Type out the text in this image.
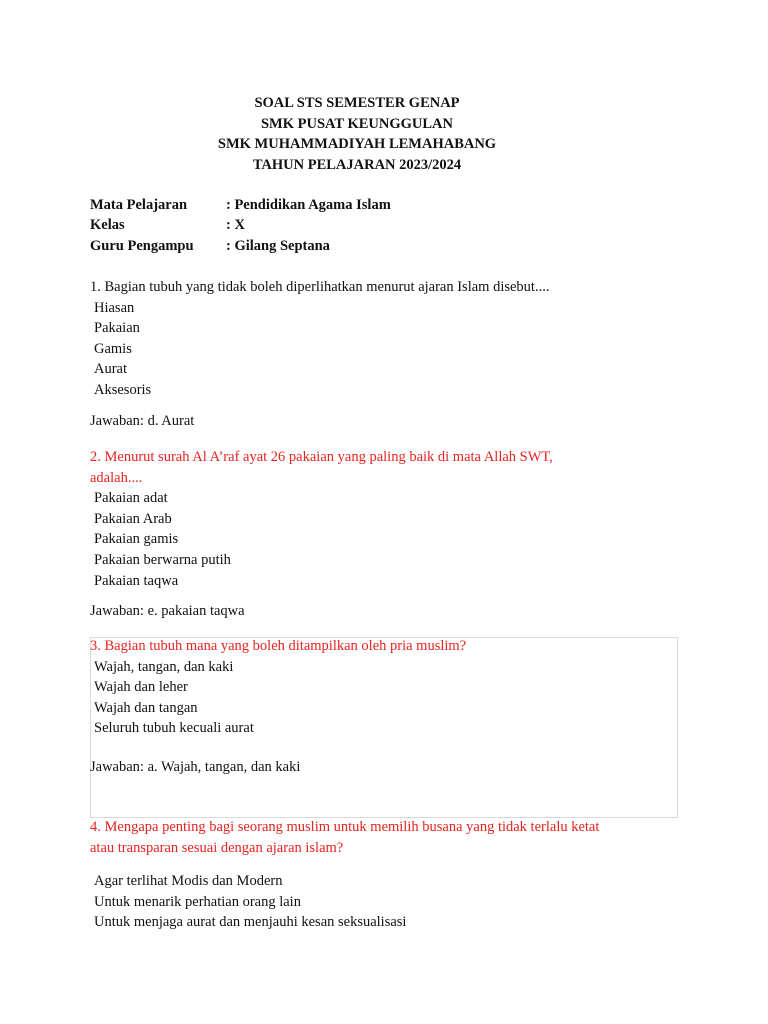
SOAL STS SEMESTER GENAP
SMK PUSAT KEUNGGULAN
SMK MUHAMMADIYAH LEMAHABANG
TAHUN PELAJARAN 2023/2024
Mata Pelajaran	: Pendidikan Agama Islam
Kelas	: X
Guru Pengampu	: Gilang Septana
1. Bagian tubuh yang tidak boleh diperlihatkan menurut ajaran Islam disebut....
Hiasan
Pakaian
Gamis
Aurat
Aksesoris
Jawaban: d. Aurat
2. Menurut surah Al A’raf ayat 26 pakaian yang paling baik di mata Allah SWT,
adalah....
Pakaian adat
Pakaian Arab
Pakaian gamis
Pakaian berwarna putih
Pakaian taqwa
Jawaban: e. pakaian taqwa
3. Bagian tubuh mana yang boleh ditampilkan oleh pria muslim?
Wajah, tangan, dan kaki
Wajah dan leher
Wajah dan tangan
Seluruh tubuh kecuali aurat
Jawaban: a. Wajah, tangan, dan kaki
4. Mengapa penting bagi seorang muslim untuk memilih busana yang tidak terlalu ketat
atau transparan sesuai dengan ajaran islam?
Agar terlihat Modis dan Modern
Untuk menarik perhatian orang lain
Untuk menjaga aurat dan menjauhi kesan seksualisasi
